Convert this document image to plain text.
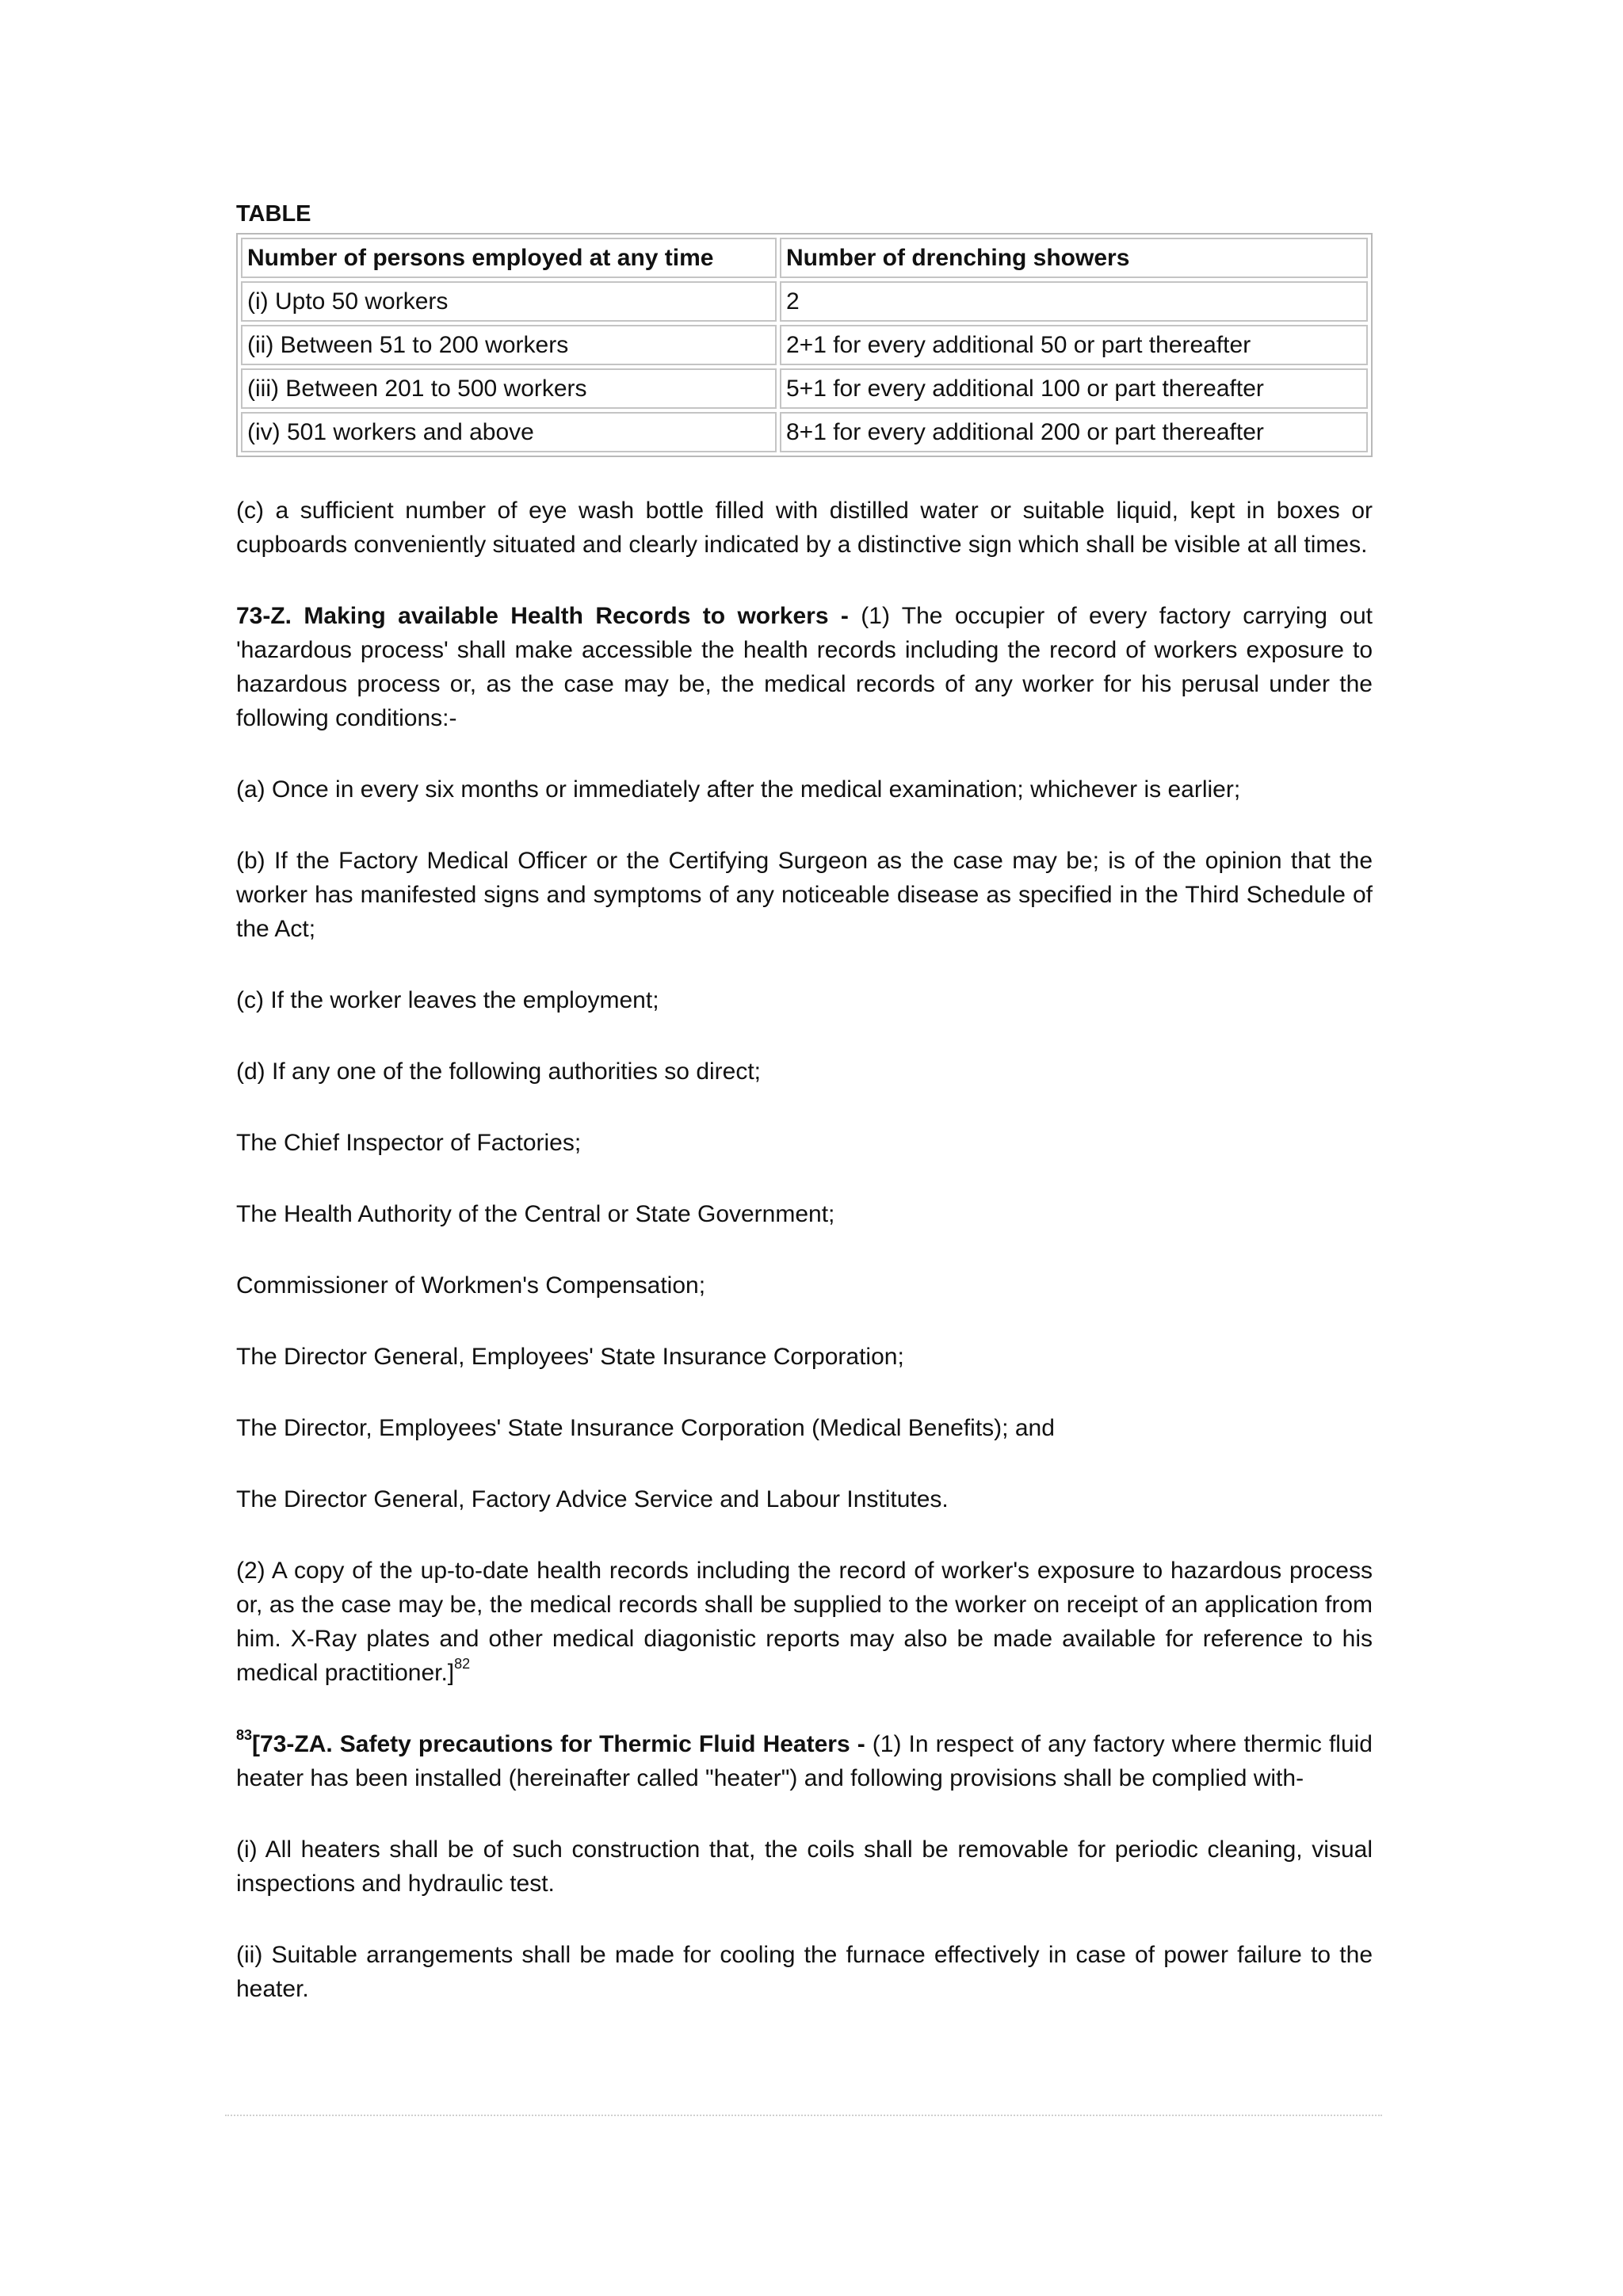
TABLE
Number of persons employed at any time	Number of drenching showers
(i) Upto 50 workers	2
(ii) Between 51 to 200 workers	2+1 for every additional 50 or part thereafter
(iii) Between 201 to 500 workers	5+1 for every additional 100 or part thereafter
(iv) 501 workers and above	8+1 for every additional 200 or part thereafter

(c) a sufficient number of eye wash bottle filled with distilled water or suitable liquid, kept in boxes or cupboards conveniently situated and clearly indicated by a distinctive sign which shall be visible at all times.

73-Z. Making available Health Records to workers - (1) The occupier of every factory carrying out 'hazardous process' shall make accessible the health records including the record of workers exposure to hazardous process or, as the case may be, the medical records of any worker for his perusal under the following conditions:-

(a) Once in every six months or immediately after the medical examination; whichever is earlier;

(b) If the Factory Medical Officer or the Certifying Surgeon as the case may be; is of the opinion that the worker has manifested signs and symptoms of any noticeable disease as specified in the Third Schedule of the Act;

(c) If the worker leaves the employment;

(d) If any one of the following authorities so direct;

The Chief Inspector of Factories;

The Health Authority of the Central or State Government;

Commissioner of Workmen's Compensation;

The Director General, Employees' State Insurance Corporation;

The Director, Employees' State Insurance Corporation (Medical Benefits); and

The Director General, Factory Advice Service and Labour Institutes.

(2) A copy of the up-to-date health records including the record of worker's exposure to hazardous process or, as the case may be, the medical records shall be supplied to the worker on receipt of an application from him. X-Ray plates and other medical diagonistic reports may also be made available for reference to his medical practitioner.]$^{82}$

$^{83}$[73-ZA. Safety precautions for Thermic Fluid Heaters - (1) In respect of any factory where thermic fluid heater has been installed (hereinafter called "heater") and following provisions shall be complied with-

(i) All heaters shall be of such construction that, the coils shall be removable for periodic cleaning, visual inspections and hydraulic test.

(ii) Suitable arrangements shall be made for cooling the furnace effectively in case of power failure to the heater.
